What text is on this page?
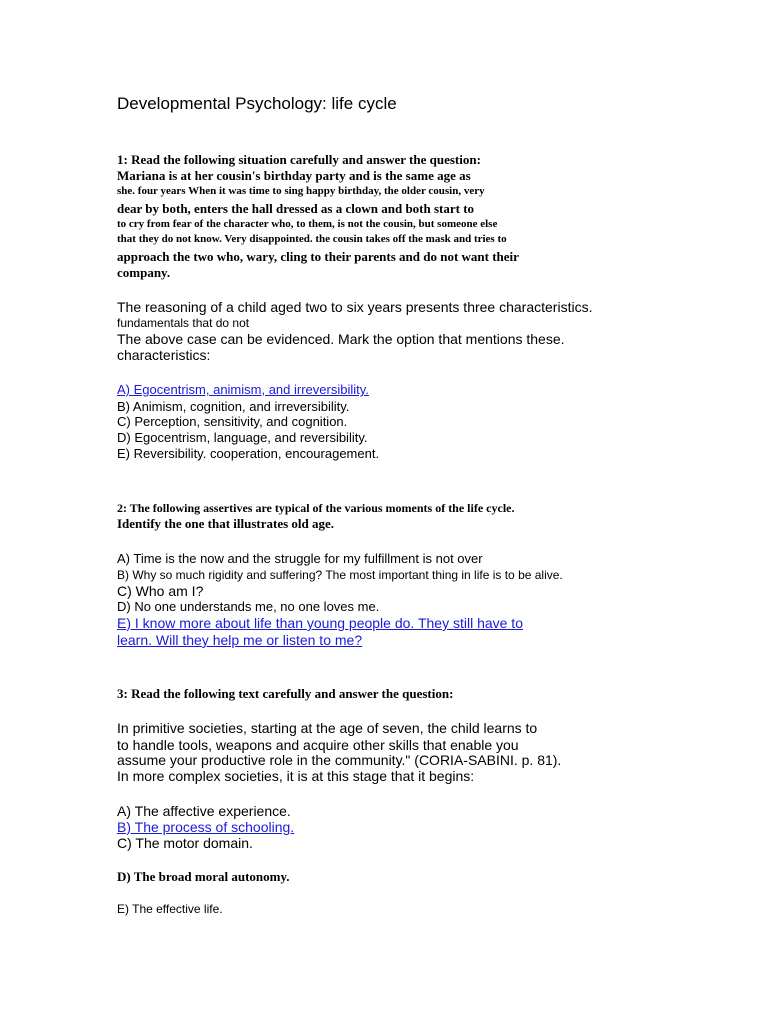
Developmental Psychology: life cycle

1: Read the following situation carefully and answer the question:

Mariana is at her cousin's birthday party and is the same age as

she. four years When it was time to sing happy birthday, the older cousin, very

dear by both, enters the hall dressed as a clown and both start to

to cry from fear of the character who, to them, is not the cousin, but someone else

that they do not know. Very disappointed. the cousin takes off the mask and tries to

approach the two who, wary, cling to their parents and do not want their

company.

The reasoning of a child aged two to six years presents three characteristics.

fundamentals that do not

The above case can be evidenced. Mark the option that mentions these.

characteristics:

A) Egocentrism, animism, and irreversibility.

B) Animism, cognition, and irreversibility.

C) Perception, sensitivity, and cognition.

D) Egocentrism, language, and reversibility.

E) Reversibility. cooperation, encouragement.

2: The following assertives are typical of the various moments of the life cycle.

Identify the one that illustrates old age.

A) Time is the now and the struggle for my fulfillment is not over

B) Why so much rigidity and suffering? The most important thing in life is to be alive.

C) Who am I?

D) No one understands me, no one loves me.

E) I know more about life than young people do. They still have to
learn. Will they help me or listen to me?

3: Read the following text carefully and answer the question:

In primitive societies, starting at the age of seven, the child learns to

to handle tools, weapons and acquire other skills that enable you

assume your productive role in the community." (CORIA-SABINI. p. 81).

In more complex societies, it is at this stage that it begins:

A) The affective experience.

B) The process of schooling.

C) The motor domain.

D) The broad moral autonomy.

E) The effective life.
